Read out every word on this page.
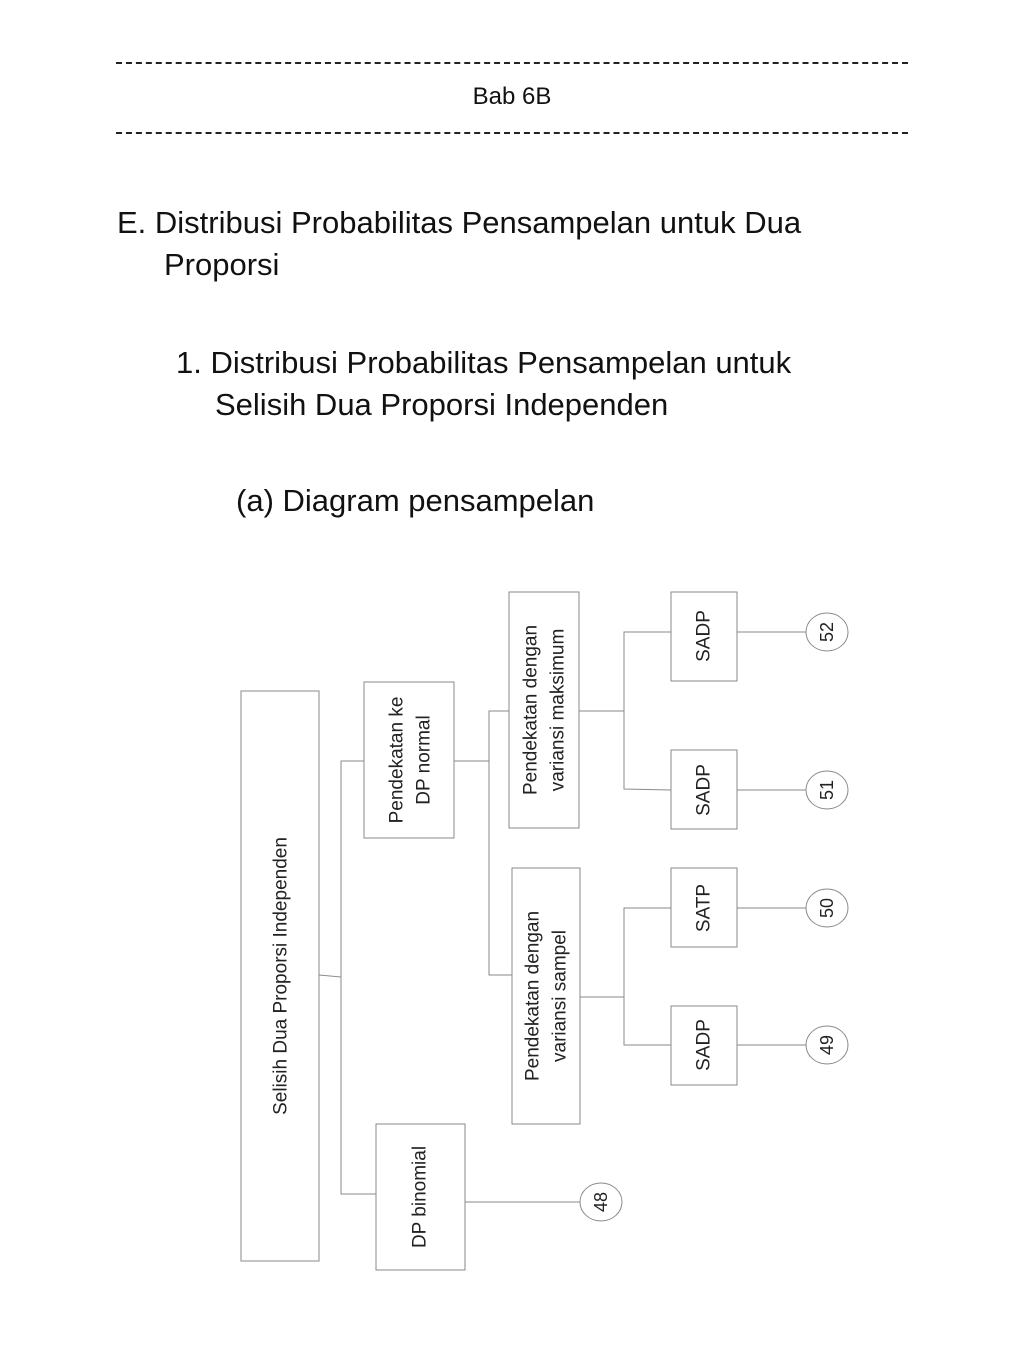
Bab 6B
E. Distribusi Probabilitas Pensampelan untuk Dua
Proporsi
1. Distribusi Probabilitas Pensampelan untuk
Selisih Dua Proporsi Independen
(a) Diagram pensampelan
Selisih Dua Proporsi Independen
Pendekatan ke DP normal
DP binomial
Pendekatan dengan variansi maksimum
Pendekatan dengan variansi sampel
SADP
SADP
SATP
SADP
52
51
50
49
48
